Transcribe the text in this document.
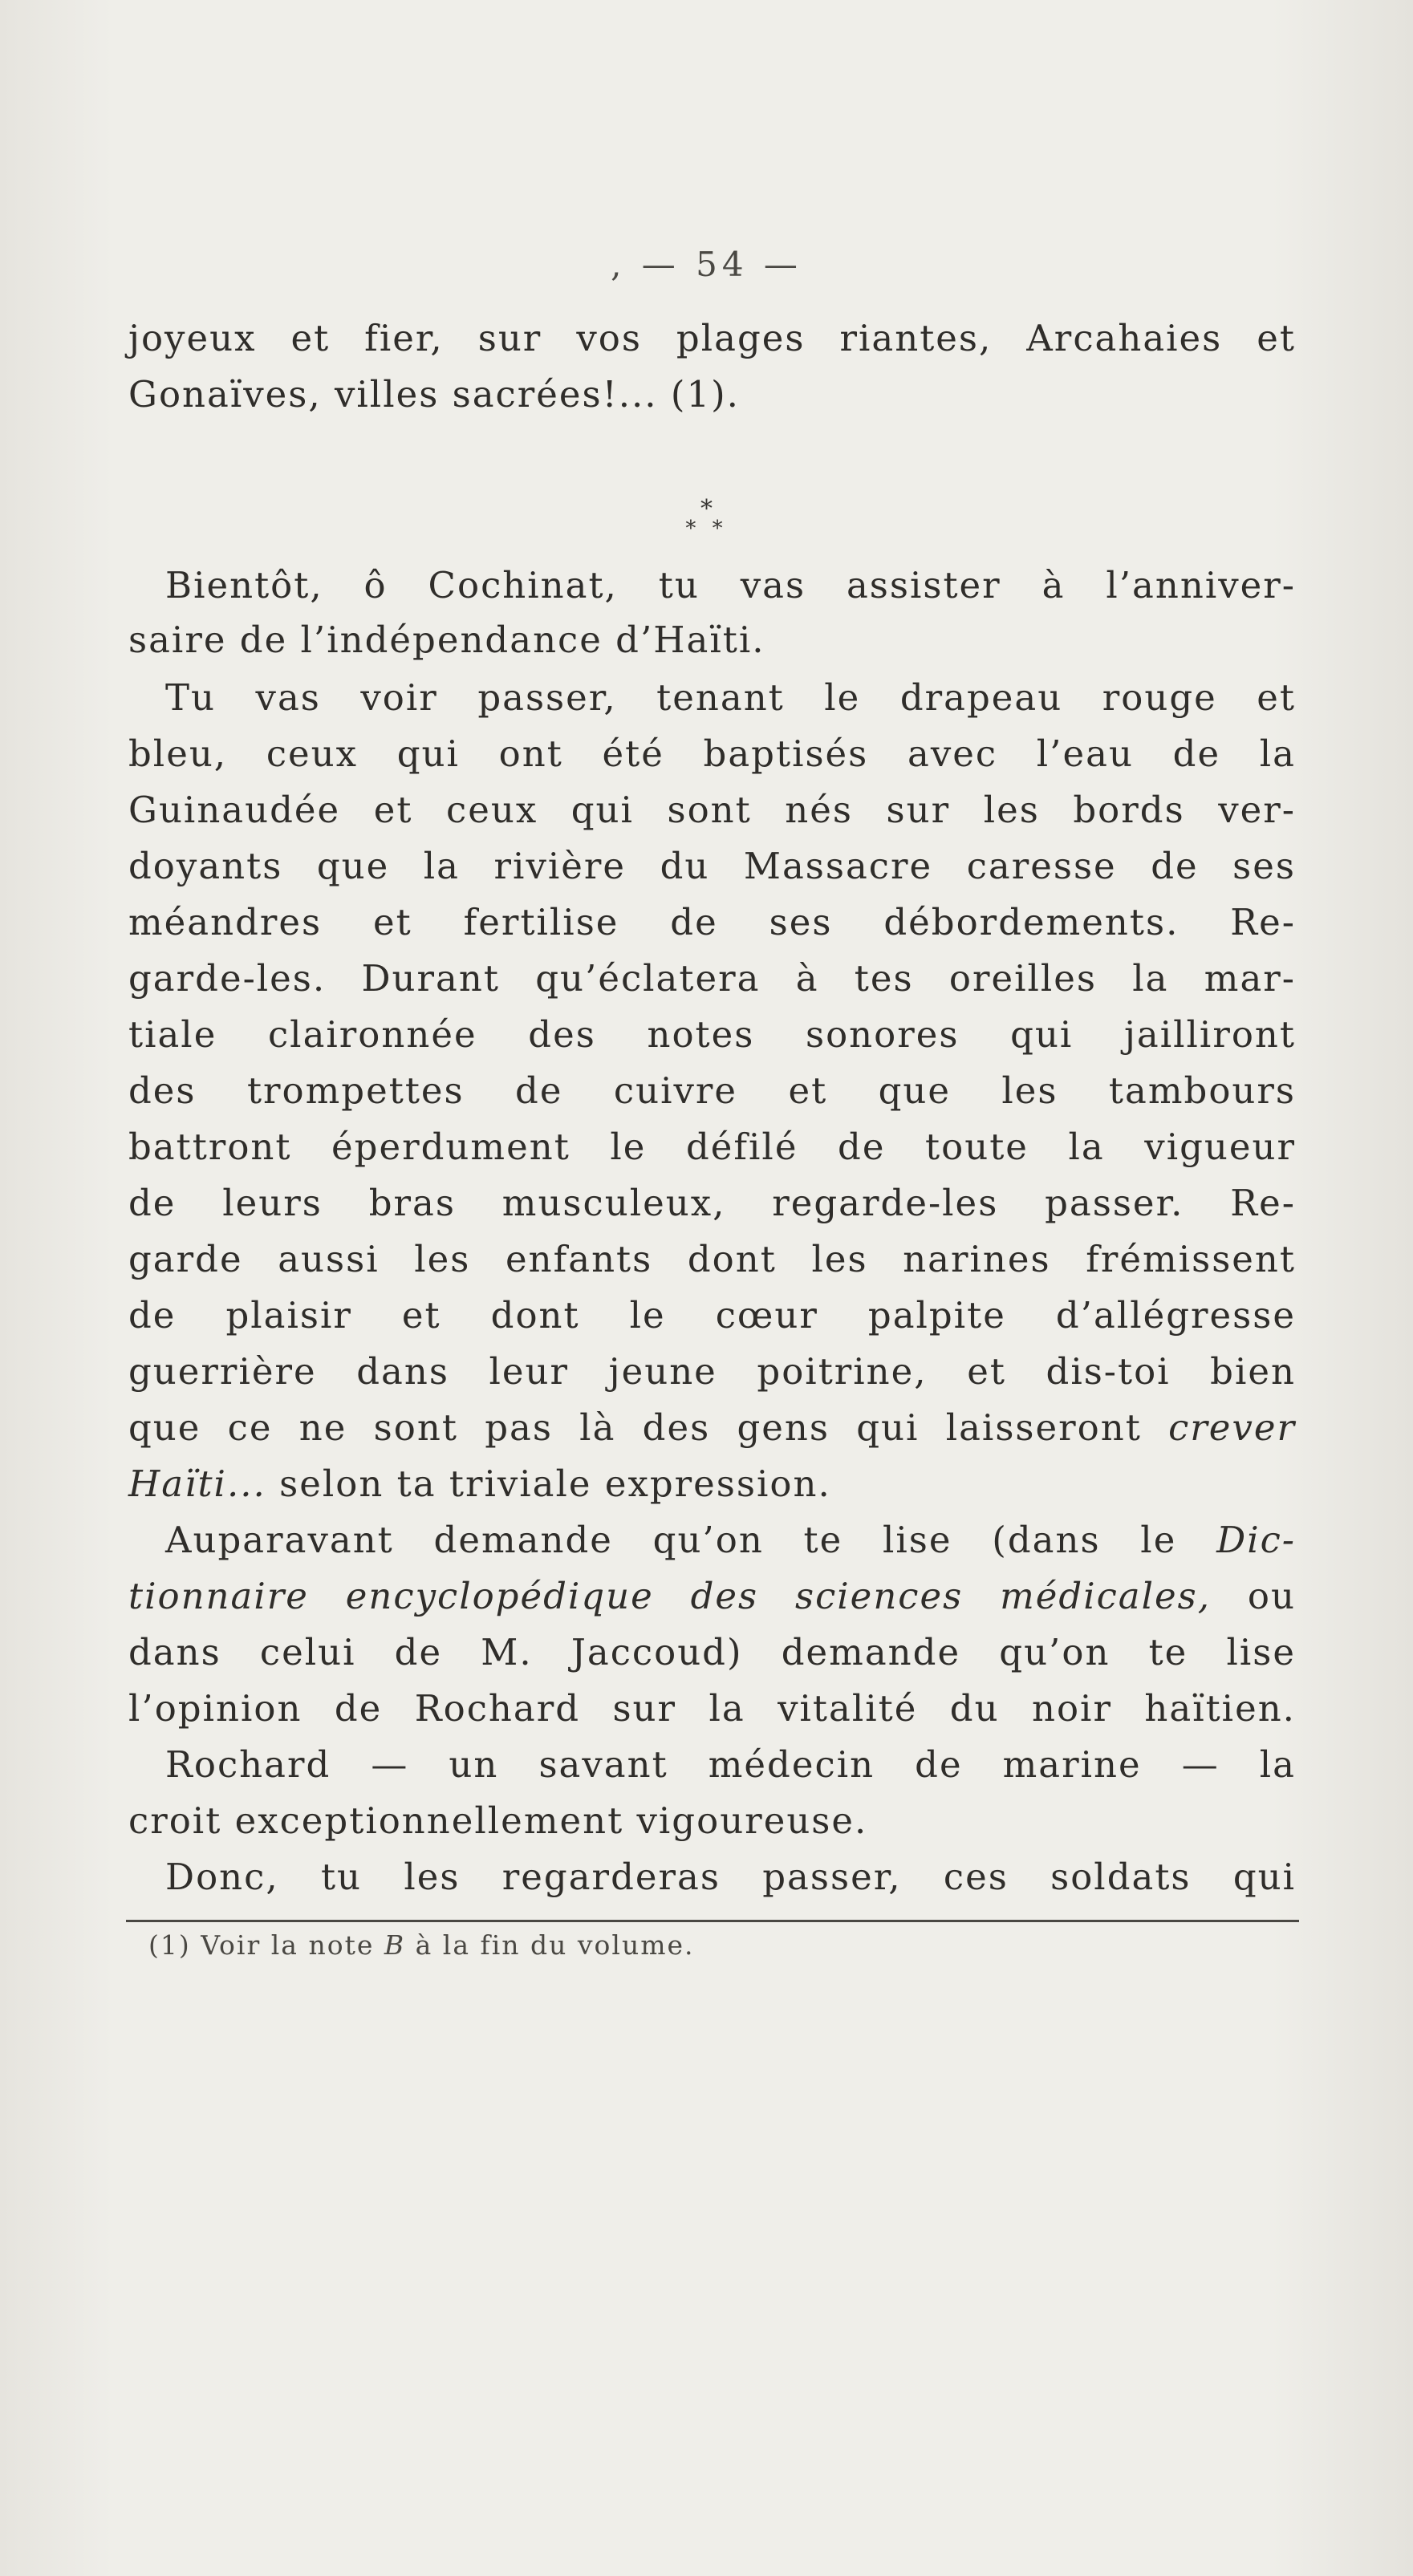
, — 54 —
joyeux et fier, sur vos plages riantes, Arcahaies et
Gonaïves, villes sacrées!... (1).
*
* *
Bientôt, ô Cochinat, tu vas assister à l’anniver-
saire de l’indépendance d’Haïti.
Tu vas voir passer, tenant le drapeau rouge et
bleu, ceux qui ont été baptisés avec l’eau de la
Guinaudée et ceux qui sont nés sur les bords ver-
doyants que la rivière du Massacre caresse de ses
méandres et fertilise de ses débordements. Re-
garde-les. Durant qu’éclatera à tes oreilles la mar-
tiale claironnée des notes sonores qui jailliront
des trompettes de cuivre et que les tambours
battront éperdument le défilé de toute la vigueur
de leurs bras musculeux, regarde-les passer. Re-
garde aussi les enfants dont les narines frémissent
de plaisir et dont le cœur palpite d’allégresse
guerrière dans leur jeune poitrine, et dis-toi bien
que ce ne sont pas là des gens qui laisseront crever
Haïti... selon ta triviale expression.
Auparavant demande qu’on te lise (dans le Dic-
tionnaire encyclopédique des sciences médicales, ou
dans celui de M. Jaccoud) demande qu’on te lise
l’opinion de Rochard sur la vitalité du noir haïtien.
Rochard — un savant médecin de marine — la
croit exceptionnellement vigoureuse.
Donc, tu les regarderas passer, ces soldats qui
(1) Voir la note B à la fin du volume.
